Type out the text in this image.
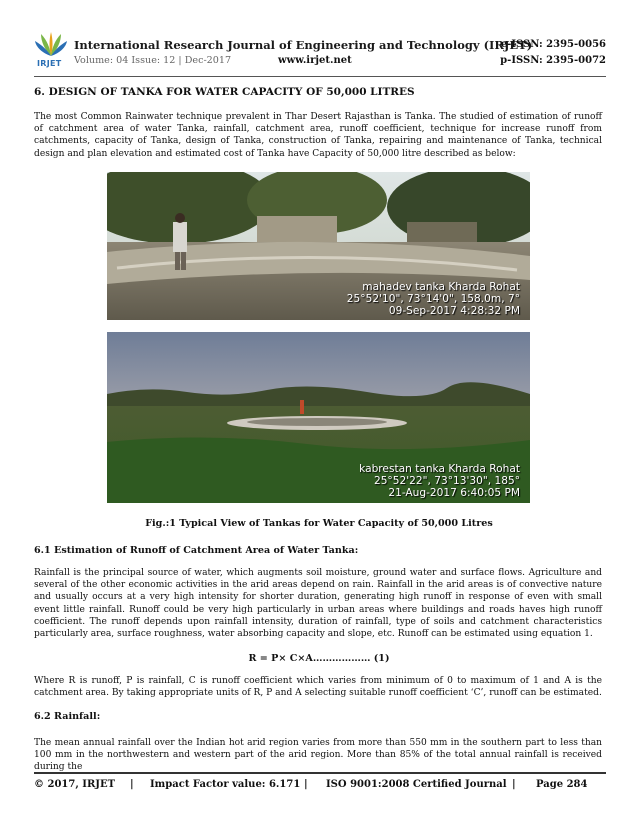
IRJET
International Research Journal of Engineering and Technology (IRJET)
e-ISSN: 2395-0056
Volume: 04 Issue: 12 | Dec-2017	www.irjet.net	p-ISSN: 2395-0072
6. DESIGN OF TANKA FOR WATER CAPACITY OF 50,000 LITRES
The most Common Rainwater technique prevalent in Thar Desert Rajasthan is Tanka. The studied of estimation of runoff of catchment area of water Tanka, rainfall, catchment area, runoff coefficient, technique for increase runoff from catchments, capacity of Tanka, design of Tanka, construction of Tanka, repairing and maintenance of Tanka, technical design and plan elevation and estimated cost of Tanka have Capacity of 50,000 litre described as below:
mahadev tanka Kharda Rohat
25°52'10", 73°14'0", 158.0m, 7°
09-Sep-2017 4:28:32 PM
kabrestan tanka Kharda Rohat
25°52'22", 73°13'30", 185°
21-Aug-2017 6:40:05 PM
Fig.:1 Typical View of Tankas for Water Capacity of 50,000 Litres
6.1 Estimation of Runoff of Catchment Area of Water Tanka:
Rainfall is the principal source of water, which augments soil moisture, ground water and surface flows. Agriculture and several of the other economic activities in the arid areas depend on rain. Rainfall in the arid areas is of convective nature and usually occurs at a very high intensity for shorter duration, generating high runoff in response of even with small event little rainfall. Runoff could be very high particularly in urban areas where buildings and roads haves high runoff coefficient. The runoff depends upon rainfall intensity, duration of rainfall, type of soils and catchment characteristics particularly area, surface roughness, water absorbing capacity and slope, etc. Runoff can be estimated using equation 1.
R = P× C×A……………… (1)
Where R is runoff, P is rainfall, C is runoff coefficient which varies from minimum of 0 to maximum of 1 and A is the catchment area. By taking appropriate units of R, P and A selecting suitable runoff coefficient ‘C’, runoff can be estimated.
6.2 Rainfall:
The mean annual rainfall over the Indian hot arid region varies from more than 550 mm in the southern part to less than 100 mm in the northwestern and western part of the arid region. More than 85% of the total annual rainfall is received during the
© 2017, IRJET | Impact Factor value: 6.171 | ISO 9001:2008 Certified Journal | Page 284
